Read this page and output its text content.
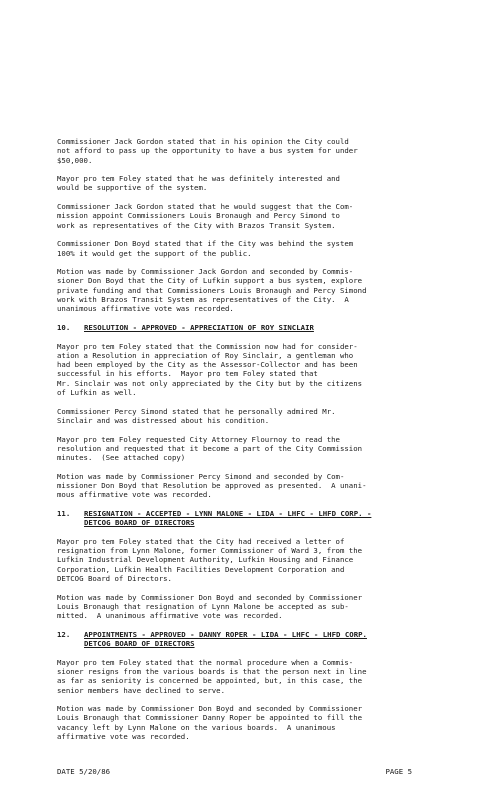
Commissioner Jack Gordon stated that in his opinion the City could
not afford to pass up the opportunity to have a bus system for under
$50,000.

Mayor pro tem Foley stated that he was definitely interested and
would be supportive of the system.

Commissioner Jack Gordon stated that he would suggest that the Com-
mission appoint Commissioners Louis Bronaugh and Percy Simond to
work as representatives of the City with Brazos Transit System.

Commissioner Don Boyd stated that if the City was behind the system
100% it would get the support of the public.

Motion was made by Commissioner Jack Gordon and seconded by Commis-
sioner Don Boyd that the City of Lufkin support a bus system, explore
private funding and that Commissioners Louis Bronaugh and Percy Simond
work with Brazos Transit System as representatives of the City.  A
unanimous affirmative vote was recorded.

10.	RESOLUTION - APPROVED - APPRECIATION OF ROY SINCLAIR

Mayor pro tem Foley stated that the Commission now had for consider-
ation a Resolution in appreciation of Roy Sinclair, a gentleman who
had been employed by the City as the Assessor-Collector and has been
successful in his efforts.  Mayor pro tem Foley stated that
Mr. Sinclair was not only appreciated by the City but by the citizens
of Lufkin as well.

Commissioner Percy Simond stated that he personally admired Mr.
Sinclair and was distressed about his condition.

Mayor pro tem Foley requested City Attorney Flournoy to read the
resolution and requested that it become a part of the City Commission
minutes.  (See attached copy)

Motion was made by Commissioner Percy Simond and seconded by Com-
missioner Don Boyd that Resolution be approved as presented.  A unani-
mous affirmative vote was recorded.

11.	RESIGNATION - ACCEPTED - LYNN MALONE - LIDA - LHFC - LHFD CORP. -
DETCOG BOARD OF DIRECTORS

Mayor pro tem Foley stated that the City had received a letter of
resignation from Lynn Malone, former Commissioner of Ward 3, from the
Lufkin Industrial Development Authority, Lufkin Housing and Finance
Corporation, Lufkin Health Facilities Development Corporation and
DETCOG Board of Directors.

Motion was made by Commissioner Don Boyd and seconded by Commissioner
Louis Bronaugh that resignation of Lynn Malone be accepted as sub-
mitted.  A unanimous affirmative vote was recorded.

12.	APPOINTMENTS - APPROVED - DANNY ROPER - LIDA - LHFC - LHFD CORP.
DETCOG BOARD OF DIRECTORS

Mayor pro tem Foley stated that the normal procedure when a Commis-
sioner resigns from the various boards is that the person next in line
as far as seniority is concerned be appointed, but, in this case, the
senior members have declined to serve.

Motion was made by Commissioner Don Boyd and seconded by Commissioner
Louis Bronaugh that Commissioner Danny Roper be appointed to fill the
vacancy left by Lynn Malone on the various boards.  A unanimous
affirmative vote was recorded.

DATE 5/20/86	PAGE 5
